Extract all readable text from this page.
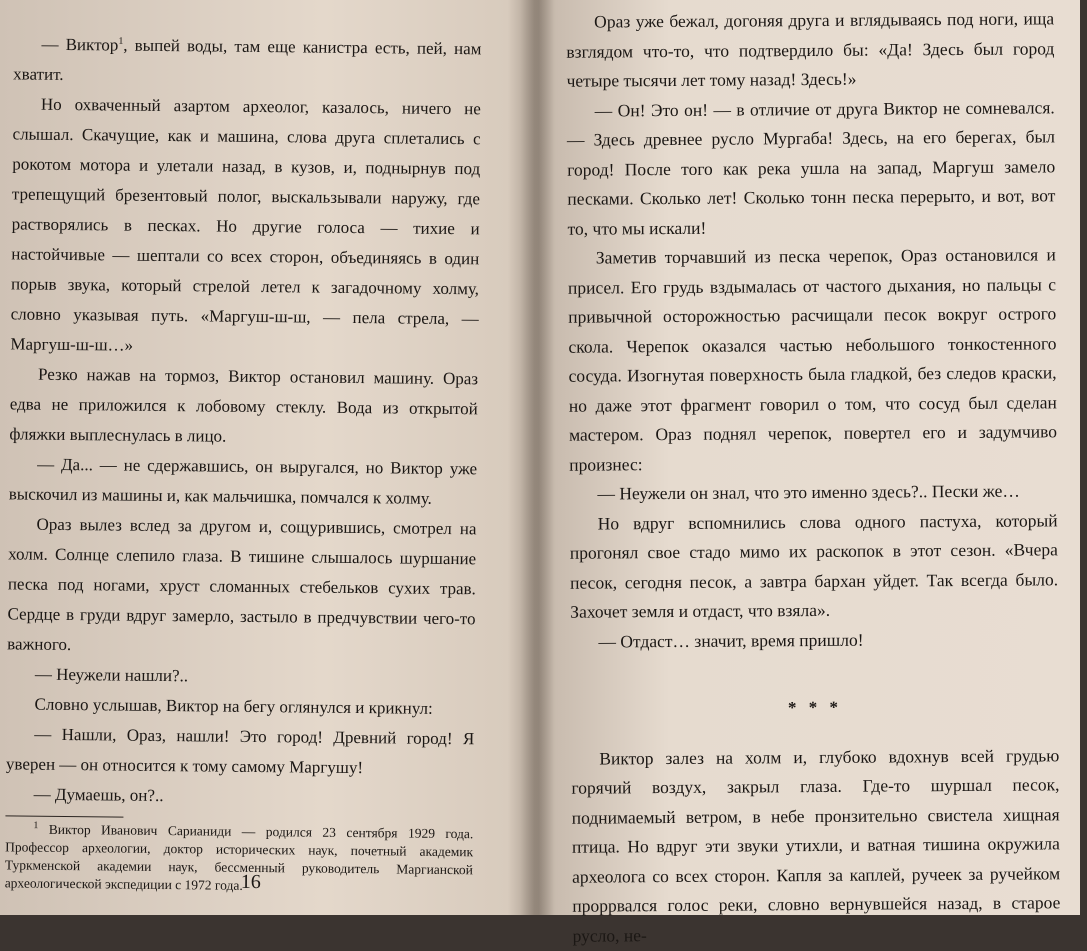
— Виктор$^1$, выпей воды, там еще канистра есть, пей, нам хватит.

Но охваченный азартом археолог, казалось, ничего не слышал. Скачущие, как и машина, слова друга сплетались с рокотом мотора и улетали назад, в кузов, и, поднырнув под трепещущий брезентовый полог, выскальзывали наружу, где растворялись в песках. Но другие голоса — тихие и настойчивые — шептали со всех сторон, объединяясь в один порыв звука, который стрелой летел к загадочному холму, словно указывая путь. «Маргуш-ш-ш, — пела стрела, — Маргуш-ш-ш…»

Резко нажав на тормоз, Виктор остановил машину. Ораз едва не приложился к лобовому стеклу. Вода из открытой фляжки выплеснулась в лицо.

— Да... — не сдержавшись, он выругался, но Виктор уже выскочил из машины и, как мальчишка, помчался к холму.

Ораз вылез вслед за другом и, сощурившись, смотрел на холм. Солнце слепило глаза. В тишине слышалось шуршание песка под ногами, хруст сломанных стебельков сухих трав. Сердце в груди вдруг замерло, застыло в предчувствии чего-то важного.

— Неужели нашли?..

Словно услышав, Виктор на бегу оглянулся и крикнул:

— Нашли, Ораз, нашли! Это город! Древний город! Я уверен — он относится к тому самому Маргушу!

— Думаешь, он?..

$^1$ Виктор Иванович Сарианиди — родился 23 сентября 1929 года. Профессор археологии, доктор исторических наук, почетный академик Туркменской академии наук, бессменный руководитель Маргианской археологической экспедиции с 1972 года.
16

Ораз уже бежал, догоняя друга и вглядываясь под ноги, ища взглядом что-то, что подтвердило бы: «Да! Здесь был город четыре тысячи лет тому назад! Здесь!»

— Он! Это он! — в отличие от друга Виктор не сомневался. — Здесь древнее русло Мургаба! Здесь, на его берегах, был город! После того как река ушла на запад, Маргуш замело песками. Сколько лет! Сколько тонн песка перерыто, и вот, вот то, что мы искали!

Заметив торчавший из песка черепок, Ораз остановился и присел. Его грудь вздымалась от частого дыхания, но пальцы с привычной осторожностью расчищали песок вокруг острого скола. Черепок оказался частью небольшого тонкостенного сосуда. Изогнутая поверхность была гладкой, без следов краски, но даже этот фрагмент говорил о том, что сосуд был сделан мастером. Ораз поднял черепок, повертел его и задумчиво произнес:

— Неужели он знал, что это именно здесь?.. Пески же…

Но вдруг вспомнились слова одного пастуха, который прогонял свое стадо мимо их раскопок в этот сезон. «Вчера песок, сегодня песок, а завтра бархан уйдет. Так всегда было. Захочет земля и отдаст, что взяла».

— Отдаст… значит, время пришло!

* * *

Виктор залез на холм и, глубоко вдохнув всей грудью горячий воздух, закрыл глаза. Где-то шуршал песок, поднимаемый ветром, в небе пронзительно свистела хищная птица. Но вдруг эти звуки утихли, и ватная тишина окружила археолога со всех сторон. Капля за каплей, ручеек за ручейком проррвался голос реки, словно вернувшейся назад, в старое русло, не-
